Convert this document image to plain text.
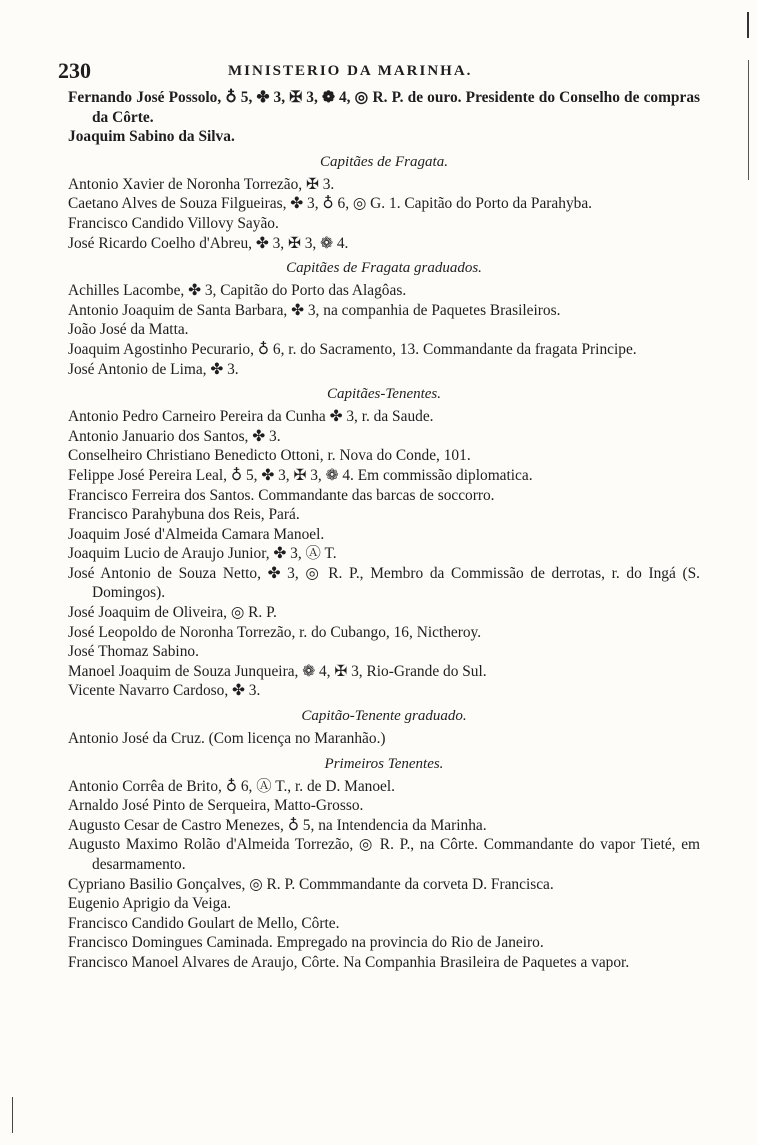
230	MINISTERIO DA MARINHA.
Fernando José Possolo, ♁ 5, ✤ 3, ✠ 3, ❁ 4, ◎ R. P. de ouro. Presidente do Conselho de compras da Côrte.
Joaquim Sabino da Silva.
Capitães de Fragata.
Antonio Xavier de Noronha Torrezão, ✠ 3.
Caetano Alves de Souza Filgueiras, ✤ 3, ♁ 6, ◎ G. 1. Capitão do Porto da Parahyba.
Francisco Candido Villovy Sayão.
José Ricardo Coelho d'Abreu, ✤ 3, ✠ 3, ❁ 4.
Capitães de Fragata graduados.
Achilles Lacombe, ✤ 3, Capitão do Porto das Alagôas.
Antonio Joaquim de Santa Barbara, ✤ 3, na companhia de Paquetes Brasileiros.
João José da Matta.
Joaquim Agostinho Pecurario, ♁ 6, r. do Sacramento, 13. Commandante da fragata Principe.
José Antonio de Lima, ✤ 3.
Capitães-Tenentes.
Antonio Pedro Carneiro Pereira da Cunha ✤ 3, r. da Saude.
Antonio Januario dos Santos, ✤ 3.
Conselheiro Christiano Benedicto Ottoni, r. Nova do Conde, 101.
Felippe José Pereira Leal, ♁ 5, ✤ 3, ✠ 3, ❁ 4. Em commissão diplomatica.
Francisco Ferreira dos Santos. Commandante das barcas de soccorro.
Francisco Parahybuna dos Reis, Pará.
Joaquim José d'Almeida Camara Manoel.
Joaquim Lucio de Araujo Junior, ✤ 3, Ⓐ T.
José Antonio de Souza Netto, ✤ 3, ◎ R. P., Membro da Commissão de derrotas, r. do Ingá (S. Domingos).
José Joaquim de Oliveira, ◎ R. P.
José Leopoldo de Noronha Torrezão, r. do Cubango, 16, Nictheroy.
José Thomaz Sabino.
Manoel Joaquim de Souza Junqueira, ❁ 4, ✠ 3, Rio-Grande do Sul.
Vicente Navarro Cardoso, ✤ 3.
Capitão-Tenente graduado.
Antonio José da Cruz. (Com licença no Maranhão.)
Primeiros Tenentes.
Antonio Corrêa de Brito, ♁ 6, Ⓐ T., r. de D. Manoel.
Arnaldo José Pinto de Serqueira, Matto-Grosso.
Augusto Cesar de Castro Menezes, ♁ 5, na Intendencia da Marinha.
Augusto Maximo Rolão d'Almeida Torrezão, ◎ R. P., na Côrte. Commandante do vapor Tieté, em desarmamento.
Cypriano Basilio Gonçalves, ◎ R. P. Commmandante da corveta D. Francisca.
Eugenio Aprigio da Veiga.
Francisco Candido Goulart de Mello, Côrte.
Francisco Domingues Caminada. Empregado na provincia do Rio de Janeiro.
Francisco Manoel Alvares de Araujo, Côrte. Na Companhia Brasileira de Paquetes a vapor.
